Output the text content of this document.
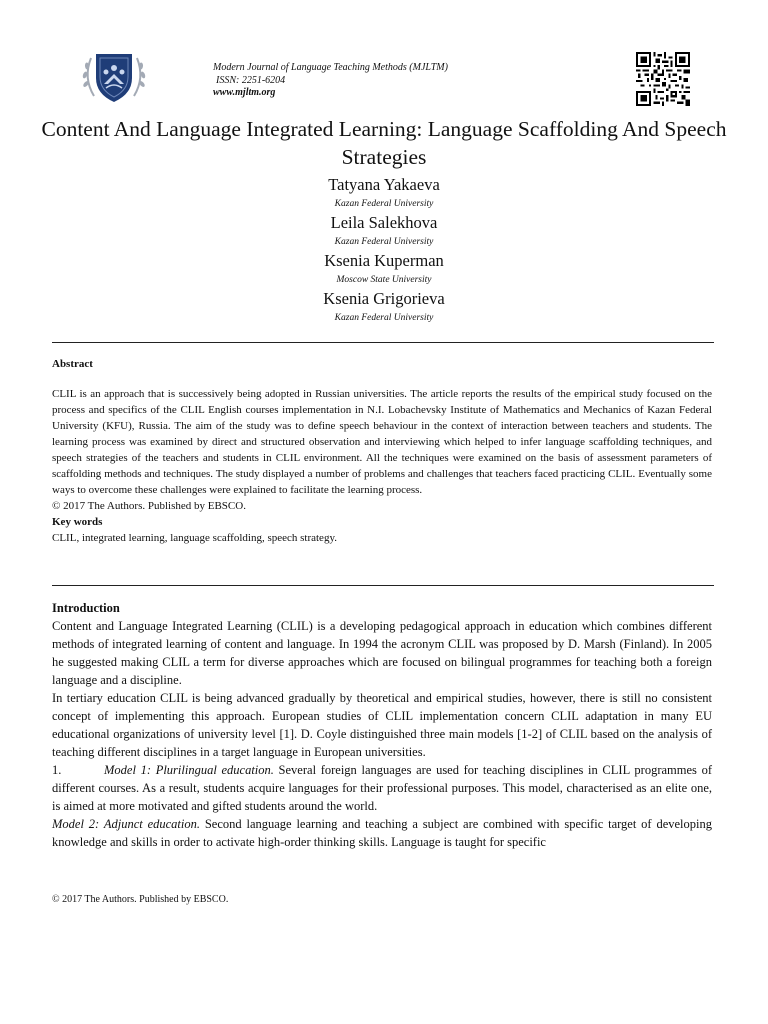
Modern Journal of Language Teaching Methods (MJLTM)
ISSN: 2251-6204
www.mjltm.org
Content And Language Integrated Learning: Language Scaffolding And Speech Strategies
Tatyana Yakaeva
Kazan Federal University
Leila Salekhova
Kazan Federal University
Ksenia Kuperman
Moscow State University
Ksenia Grigorieva
Kazan Federal University
Abstract

CLIL is an approach that is successively being adopted in Russian universities. The article reports the results of the empirical study focused on the process and specifics of the CLIL English courses implementation in N.I. Lobachevsky Institute of Mathematics and Mechanics of Kazan Federal University (KFU), Russia. The aim of the study was to define speech behaviour in the context of interaction between teachers and students. The learning process was examined by direct and structured observation and interviewing which helped to infer language scaffolding techniques, and speech strategies of the teachers and students in CLIL environment. All the techniques were examined on the basis of assessment parameters of scaffolding methods and techniques. The study displayed a number of problems and challenges that teachers faced practicing CLIL. Eventually some ways to overcome these challenges were explained to facilitate the learning process.

© 2017 The Authors. Published by EBSCO.

Key words

CLIL, integrated learning, language scaffolding, speech strategy.

Introduction

Content and Language Integrated Learning (CLIL) is a developing pedagogical approach in education which combines different methods of integrated learning of content and language. In 1994 the acronym CLIL was proposed by D. Marsh (Finland). In 2005 he suggested making CLIL a term for diverse approaches which are focused on bilingual programmes for teaching both a foreign language and a discipline.

In tertiary education CLIL is being advanced gradually by theoretical and empirical studies, however, there is still no consistent concept of implementing this approach. European studies of CLIL implementation concern CLIL adaptation in many EU educational organizations of university level [1]. D. Coyle distinguished three main models [1-2] of CLIL based on the analysis of teaching different disciplines in a target language in European universities.

1.	Model 1: Plurilingual education. Several foreign languages are used for teaching disciplines in CLIL programmes of different courses. As a result, students acquire languages for their professional purposes. This model, characterised as an elite one, is aimed at more motivated and gifted students around the world.

Model 2: Adjunct education. Second language learning and teaching a subject are combined with specific target of developing knowledge and skills in order to activate high-order thinking skills. Language is taught for specific

© 2017 The Authors. Published by EBSCO.
